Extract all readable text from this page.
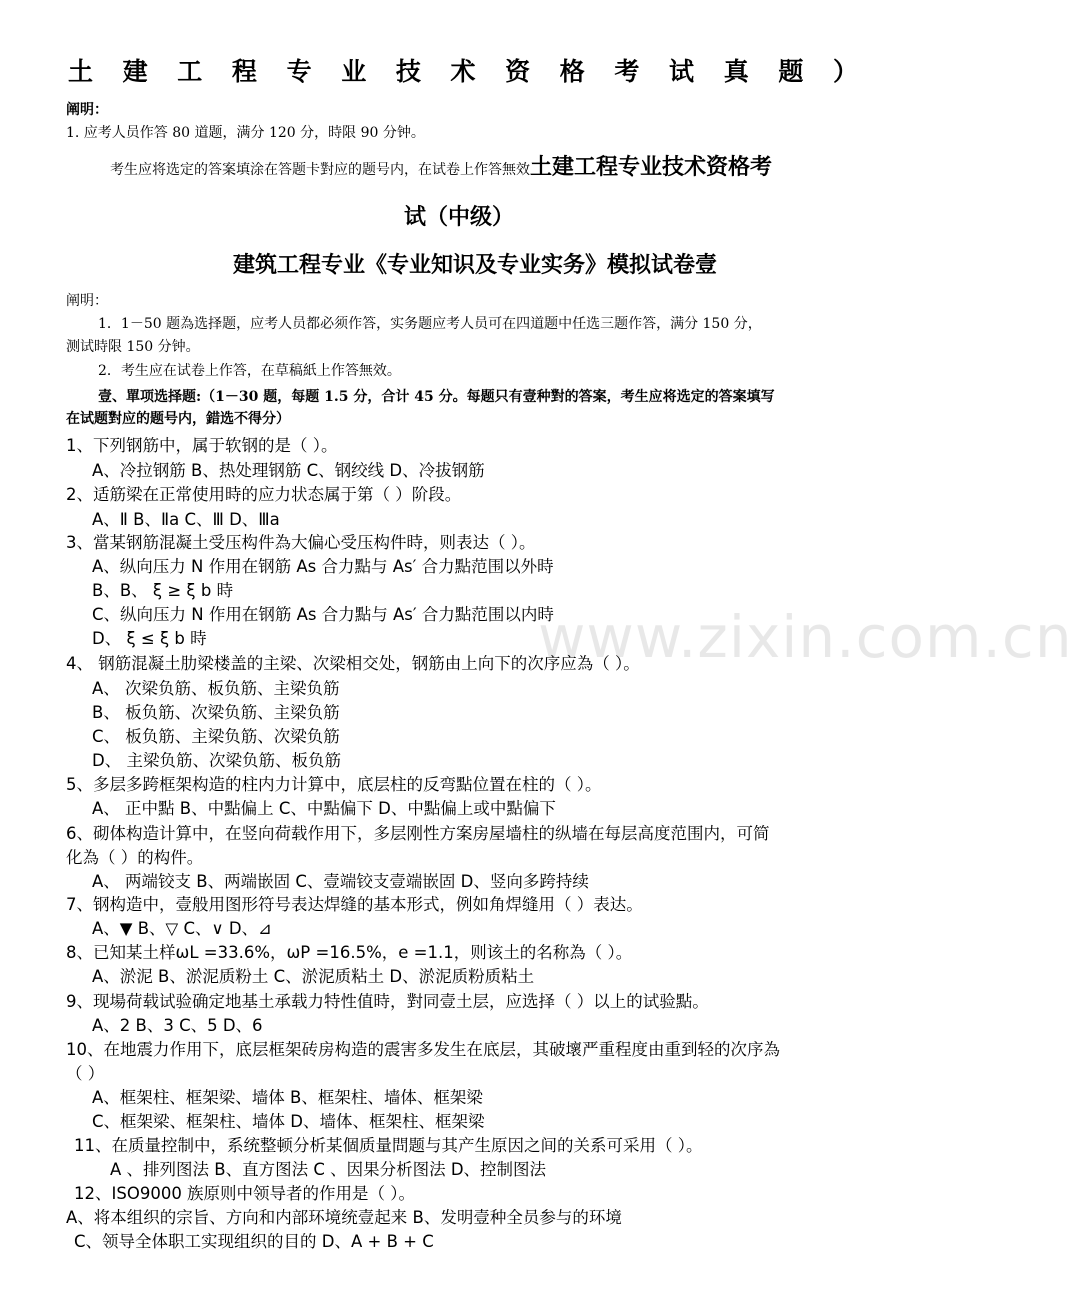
土建工程专业技术资格考试真题）
阐明：
1. 应考人员作答 80 道题，满分 120 分，時限 90 分钟。
考生应将选定的答案填涂在答题卡對应的题号内，在试卷上作答無效土建工程专业技术资格考
试（中级）
建筑工程专业《专业知识及专业实务》模拟试卷壹
阐明：
1．1－50 题為选择题，应考人员都必须作答，实务题应考人员可在四道题中任选三题作答，满分 150 分，
测试時限 150 分钟。
2．考生应在试卷上作答，在草稿紙上作答無效。
壹、單项选择题:（1－30 题，每题 1.5 分，合计 45 分。每题只有壹种對的答案，考生应将选定的答案填写
在试题對应的题号内，錯选不得分）
1、下列钢筋中，属于软钢的是（ ）。
A、冷拉钢筋 B、热处理钢筋 C、钢绞线 D、冷拔钢筋
2、适筋梁在正常使用時的应力状态属于第（ ）阶段。
A、Ⅱ B、Ⅱa C、Ⅲ D、Ⅲa
3、當某钢筋混凝土受压构件為大偏心受压构件時，则表达（ ）。
A、纵向压力 N 作用在钢筋 As 合力點与 As′ 合力點范围以外時
B、B、 ξ ≥ ξ b 時
C、纵向压力 N 作用在钢筋 As 合力點与 As′ 合力點范围以内時
D、 ξ ≤ ξ b 時
4、 钢筋混凝土肋梁楼盖的主梁、次梁相交处，钢筋由上向下的次序应為（ ）。
A、 次梁负筋、板负筋、主梁负筋
B、 板负筋、次梁负筋、主梁负筋
C、 板负筋、主梁负筋、次梁负筋
D、 主梁负筋、次梁负筋、板负筋
5、多层多跨框架构造的柱内力计算中，底层柱的反弯點位置在柱的（ ）。
A、 正中點 B、中點偏上 C、中點偏下 D、中點偏上或中點偏下
6、砌体构造计算中，在竖向荷载作用下，多层刚性方案房屋墙柱的纵墙在每层高度范围内，可简
化為（ ）的构件。
A、 两端铰支 B、两端嵌固 C、壹端铰支壹端嵌固 D、竖向多跨持续
7、钢构造中，壹般用图形符号表达焊缝的基本形式，例如角焊缝用（ ）表达。
A、▼ B、▽ C、∨ D、⊿
8、已知某土样ωL =33.6%，ωP =16.5%，e =1.1，则该土的名称為（ ）。
A、淤泥 B、淤泥质粉土 C、淤泥质粘土 D、淤泥质粉质粘土
9、现場荷载试验确定地基土承载力特性值時，對同壹土层，应选择（ ）以上的试验點。
A、2 B、3 C、5 D、6
10、在地震力作用下，底层框架砖房构造的震害多发生在底层，其破壞严重程度由重到轻的次序為
（ ）
A、框架柱、框架梁、墙体 B、框架柱、墙体、框架梁
C、框架梁、框架柱、墙体 D、墙体、框架柱、框架梁
11、在质量控制中，系统整顿分析某個质量問题与其产生原因之间的关系可采用（ ）。
A 、排列图法 B、直方图法 C 、因果分析图法 D、控制图法
12、ISO9000 族原则中领导者的作用是（ ）。
A、将本组织的宗旨、方向和内部环境统壹起来 B、发明壹种全员参与的环境
C、领导全体职工实现组织的目的 D、A + B + C
www.zixin.com.cn
